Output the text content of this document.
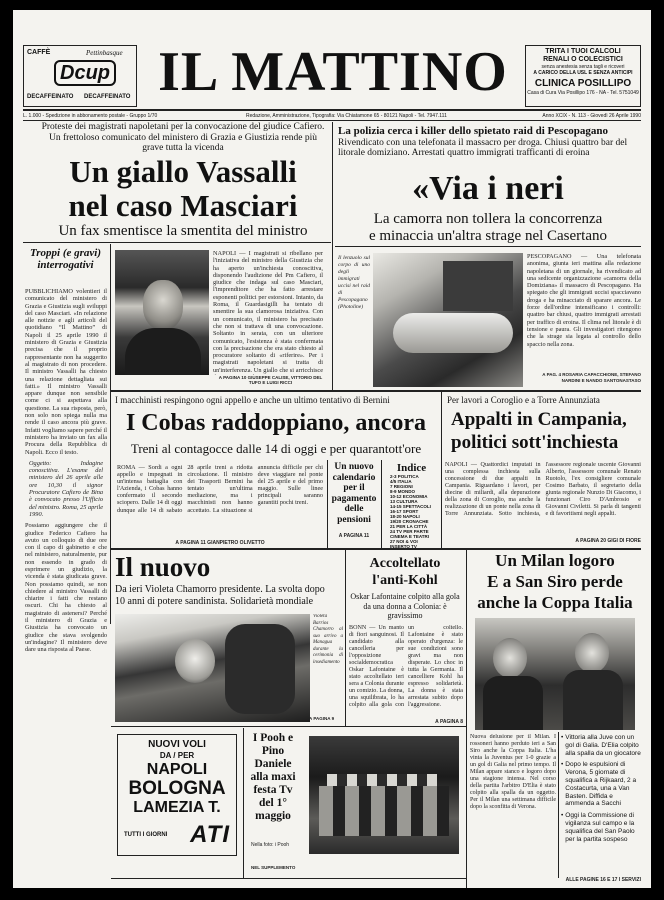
CAFFÈ	Pettinbasque
Dcup
DECAFFEINATO DECAFFEINATO IL MATTINO	TRITA I TUOI CALCOLI
RENALI O COLECISTICI
senza anestesia senza tagli e ricoveri
A CARICO DELLA USL E SENZA ANTICIPI
CLINICA POSILLIPO
Casa di Cura Via Posillipo 176 - NA - Tel. 5751049
L. 1.000 - Spedizione in abbonamento postale - Gruppo 1/70	Redazione, Amministrazione, Tipografia: Via Chiatamone 65 - 80121 Napoli - Tel. 7947.111	Anno XCIX - N. 113 - Giovedì 26 Aprile 1990
Proteste dei magistrati napoletani per la convocazione del giudice Cafiero. Un frettoloso comunicato del ministero di Grazia e Giustizia rende più grave tutta la vicenda
Un giallo Vassalli
nel caso Masciari
Un fax smentisce la smentita del ministro
Troppi (e gravi) interrogativi

PUBBLICHIAMO volentieri il comunicato del ministero di Grazia e Giustizia sugli sviluppi del caso Masciari. «In relazione alle notizie e agli articoli del quotidiano “Il Mattino” di Napoli il 25 aprile 1990 il ministero di Grazia e Giustizia precisa che il proprio rappresentante non ha suggerito al magistrato di non procedere. Il ministro Vassalli ha chiesto una relazione dettagliata sui fatti.» Il ministro Vassalli appare dunque non sensibile come ci si aspettava alla questione. La sua risposta, però, non solo non spiega nulla ma rende il caso ancora più grave. Infatti vogliamo sapere perché il ministero ha inviato un fax alla Procura della Repubblica di Napoli. Ecco il testo.

Oggetto: Indagine conoscitiva. L'esame del ministero del 26 aprile alle ore 10,30 il signor Procuratore Cafiero de Bina è convocato presso l'Ufficio del ministro. Roma, 25 aprile 1990.

Possiamo aggiungere che il giudice Federico Cafiero ha avuto un colloquio di due ore con il capo di gabinetto e che nel ministero, naturalmente, pur non essendo in grado di esprimere un giudizio, la vicenda è stata giudicata grave. Non possiamo quindi, se non chiedere al ministro Vassalli di chiarire i fatti che restano oscuri. Chi ha chiesto al magistrato di astenersi? Perché il ministero di Grazia e Giustizia ha convocato un giudice che stava svolgendo un'indagine? Il ministero deve dare una risposta al Paese.

NAPOLI — I magistrati si ribellano per l'iniziativa del ministro della Giustizia che ha aperto un'inchiesta conoscitiva, disponendo l'audizione del Pm Cafiero, il giudice che indaga sul caso Masciari, l'imprenditore che ha fatto arrestare esponenti politici per estorsioni. Intanto, da Roma, il Guardasigilli ha tentato di smentire la sua clamorosa iniziativa. Con un comunicato, il ministero ha precisato che non si trattava di una convocazione. Soltanto in serata, con un ulteriore comunicato, l'esistenza è stata confermata con la precisazione che era stato chiesto al procuratore soltanto di «riferire». Per i magistrati napoletani si tratta di un'interferenza. Un giallo che si arricchisce
A PAGINA 10 GIUSEPPE CALISE, VITTORIO DEL TUFO E LUIGI RICCI
La polizia cerca i killer dello spietato raid di Pescopagano
Rivendicato con una telefonata il massacro per droga. Chiusi quattro bar del litorale domiziano. Arrestati quattro immigrati trafficanti di eroina
«Via i neri
La camorra non tollera la concorrenza
e minaccia un'altra strage nel Casertano
Il lenzuolo sul corpo di uno degli immigrati uccisi nel raid di Pescopagano (Photoline)
PESCOPAGANO — Una telefonata anonima, giunta ieri mattina alla redazione napoletana di un giornale, ha rivendicato ad una sedicente organizzazione «camorra della Domiziana» il massacro di Pescopagano. Ha spiegato che gli immigrati uccisi spacciavano droga e ha minacciato di sparare ancora. Le forze dell'ordine intensificano i controlli: quattro bar chiusi, quattro immigrati arrestati per traffico di eroina. Il clima nel litorale è di tensione e paura. Gli investigatori ritengono che la strage sia legata al controllo dello spaccio nella zona.
A PAG. 4 ROSARIA CAPACCHIONE, STEFANO NARDINI E NANDO SANTONASTASO
I macchinisti respingono ogni appello e anche un ultimo tentativo di Bernini
I Cobas raddoppiano, ancora
Treni al contagocce dalle 14 di oggi e per quarantott'ore
ROMA — Sordi a ogni appello e impegnati in un'intensa battaglia con l'Azienda, i Cobas hanno confermato il secondo sciopero. Dalle 14 di oggi dunque alle 14 di sabato 28 aprile treni a ridotta circolazione. Il ministro dei Trasporti Bernini ha tentato un'ultima mediazione, ma i macchinisti non hanno accettato. La situazione si annuncia difficile per chi deve viaggiare nel ponte del 25 aprile e del primo maggio. Sulle linee principali saranno garantiti pochi treni.
A PAGINA 11 GIANPIETRO OLIVETTO
Un nuovo
calendario
per il
pagamento
delle
pensioni
A PAGINA 11
Indice
2-3 POLITICA
4/5 ITALIA
7 REGIONI
8-9 MONDO
10-12 ECONOMIA
13 CULTURA
14-15 SPETTACOLI
16-17 SPORT
18-20 NAPOLI
19/20 CRONACHE
21 PER LA CITTÀ
24 TV PER PARTE
CINEMA E TEATRI
27 NOI & VOI
INSERTO TV
Per lavori a Coroglio e a Torre Annunziata
Appalti in Campania,
politici sott'inchiesta
NAPOLI — Quattordici imputati in una complessa inchiesta sulla concessione di due appalti in Campania. Riguardano i lavori, per diecine di miliardi, alla depurazione della zona di Coroglio, ma anche la realizzazione di un ponte nella zona di Torre Annunziata. Sotto inchiesta, l'assessore regionale uscente Giovanni Alberto, l'assessore comunale Renato Ruotolo, l'ex consigliere comunale Cosimo Barbato, il segretario della giunta regionale Nunzio Di Giacomo, i funzionari Ciro D'Ambrosio e Giovanni Civiletti. Si parla di tangenti e di favoritismi negli appalti.
A PAGINA 20 GIGI DI FIORE
Il nuovo
Da ieri Violeta Chamorro presidente. La svolta dopo 10 anni di potere sandinista. Solidarietà mondiale
Violeta Barrios Chamorro al suo arrivo a Managua durante la cerimonia di insediamento
A PAGINA 9
Accoltellato
l'anti-Kohl
Oskar Lafontaine colpito alla gola da una donna a Colonia: è gravissimo
BONN — Un manto di fiori sanguinosi. Il candidato alla cancelleria per l'opposizione socialdemocratica Oskar Lafontaine è stato accoltellato ieri sera a Colonia durante un comizio. La donna, una squilibrata, lo ha colpito alla gola con un coltello. Lafontaine è stato operato d'urgenza: le sue condizioni sono gravi ma non disperate. Lo choc in tutta la Germania. Il cancelliere Kohl ha espresso solidarietà. La donna è stata arrestata subito dopo l'aggressione.
A PAGINA 8
Un Milan logoro
E a San Siro perde
anche la Coppa Italia
Nuova delusione per il Milan. I rossoneri hanno perduto ieri a San Siro anche la Coppa Italia. L'ha vinta la Juventus per 1-0 grazie a un gol di Galia nel primo tempo. Il Milan appare stanco e logoro dopo una stagione intensa. Nel corso della partita l'arbitro D'Elia è stato colpito alla spalla da un oggetto. Per il Milan una settimana difficile dopo la sconfitta di Verona.
• Vittoria alla Juve con un gol di Galia. D'Elia colpito alla spalla da un giocatore
• Dopo le espulsioni di Verona, 5 giornate di squalifica a Rijkaard, 2 a Costacurta, una a Van Basten. Diffida e ammenda a Sacchi
• Oggi la Commissione di vigilanza sul campo e la squalifica del San Paolo per la partita sospeso
ALLE PAGINE 16 E 17 I SERVIZI
NUOVI VOLI
DA / PER
NAPOLI
BOLOGNA
LAMEZIA T.
TUTTI I GIORNI ATI
I Pooh e Pino Daniele alla maxi festa Tv del 1° maggio
Nella foto: i Pooh
NEL SUPPLEMENTO
